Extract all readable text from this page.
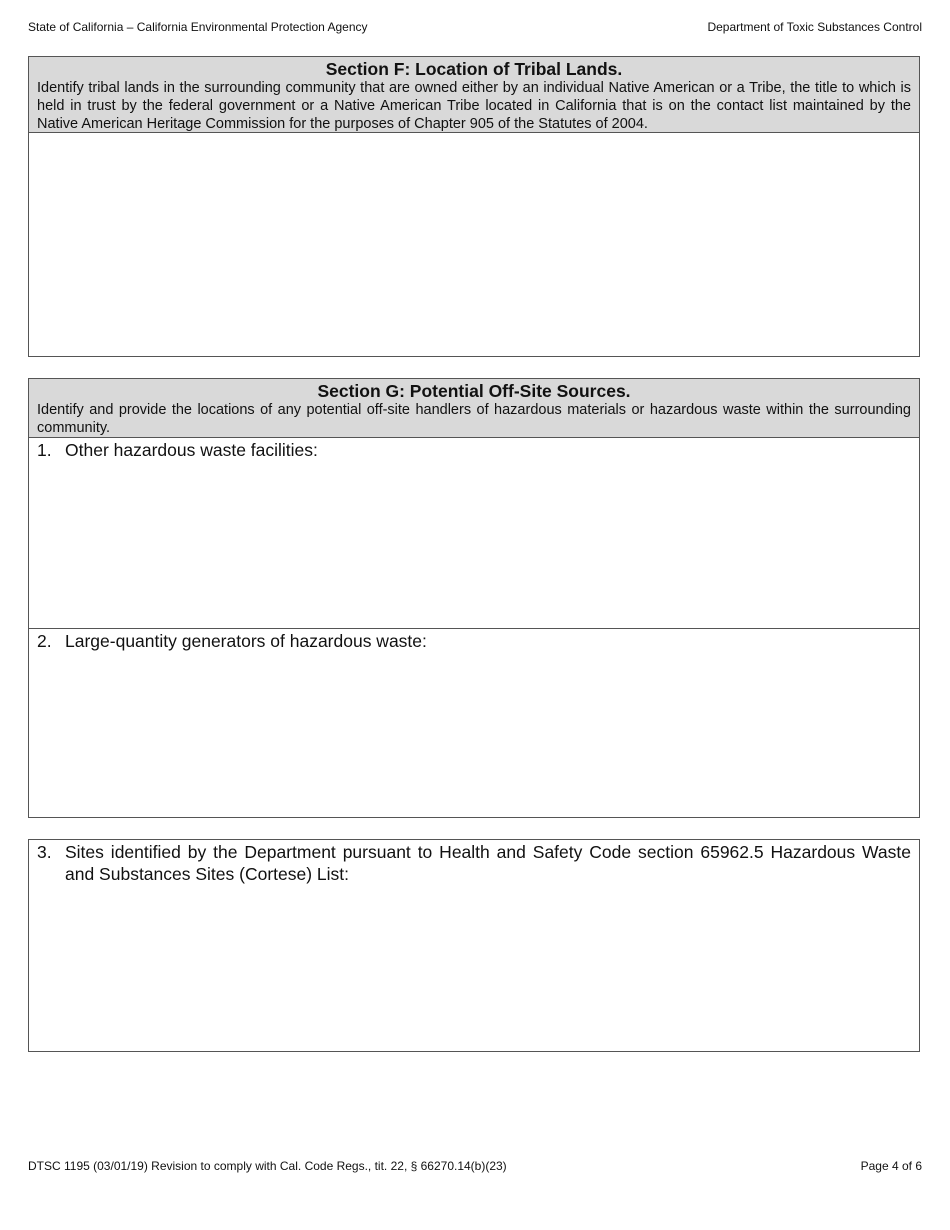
State of California – California Environmental Protection Agency	Department of Toxic Substances Control
Section F: Location of Tribal Lands.
Identify tribal lands in the surrounding community that are owned either by an individual Native American or a Tribe, the title to which is held in trust by the federal government or a Native American Tribe located in California that is on the contact list maintained by the Native American Heritage Commission for the purposes of Chapter 905 of the Statutes of 2004.
Section G: Potential Off-Site Sources.
Identify and provide the locations of any potential off-site handlers of hazardous materials or hazardous waste within the surrounding community.
1. Other hazardous waste facilities:
2. Large-quantity generators of hazardous waste:
3. Sites identified by the Department pursuant to Health and Safety Code section 65962.5 Hazardous Waste and Substances Sites (Cortese) List:
DTSC 1195 (03/01/19) Revision to comply with Cal. Code Regs., tit. 22, § 66270.14(b)(23)	Page 4 of 6
